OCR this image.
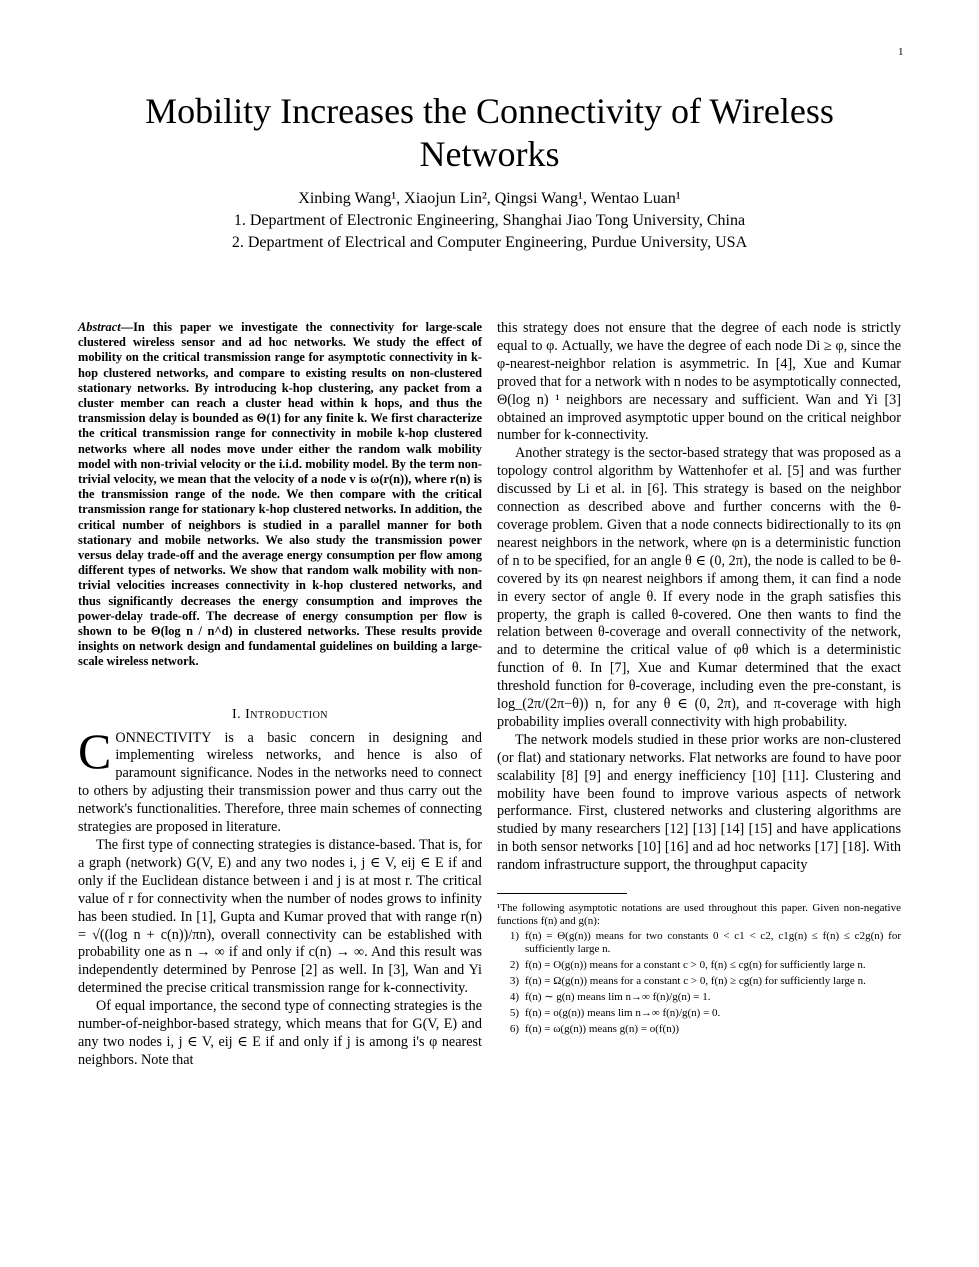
1
Mobility Increases the Connectivity of Wireless Networks
Xinbing Wang¹, Xiaojun Lin², Qingsi Wang¹, Wentao Luan¹
1. Department of Electronic Engineering, Shanghai Jiao Tong University, China
2. Department of Electrical and Computer Engineering, Purdue University, USA

Abstract—In this paper we investigate the connectivity for large-scale clustered wireless sensor and ad hoc networks. We study the effect of mobility on the critical transmission range for asymptotic connectivity in k-hop clustered networks, and compare to existing results on non-clustered stationary networks. By introducing k-hop clustering, any packet from a cluster member can reach a cluster head within k hops, and thus the transmission delay is bounded as Θ(1) for any finite k. We first characterize the critical transmission range for connectivity in mobile k-hop clustered networks where all nodes move under either the random walk mobility model with non-trivial velocity or the i.i.d. mobility model. By the term non-trivial velocity, we mean that the velocity of a node v is ω(r(n)), where r(n) is the transmission range of the node. We then compare with the critical transmission range for stationary k-hop clustered networks. In addition, the critical number of neighbors is studied in a parallel manner for both stationary and mobile networks. We also study the transmission power versus delay trade-off and the average energy consumption per flow among different types of networks. We show that random walk mobility with non-trivial velocities increases connectivity in k-hop clustered networks, and thus significantly decreases the energy consumption and improves the power-delay trade-off. The decrease of energy consumption per flow is shown to be Θ(log n / n^d) in clustered networks. These results provide insights on network design and fundamental guidelines on building a large-scale wireless network.

I. Introduction

CONNECTIVITY is a basic concern in designing and implementing wireless networks, and hence is also of paramount significance. Nodes in the networks need to connect to others by adjusting their transmission power and thus carry out the network's functionalities. Therefore, three main schemes of connecting strategies are proposed in literature.

The first type of connecting strategies is distance-based. That is, for a graph (network) G(V, E) and any two nodes i, j ∈ V, eij ∈ E if and only if the Euclidean distance between i and j is at most r. The critical value of r for connectivity when the number of nodes grows to infinity has been studied. In [1], Gupta and Kumar proved that with range r(n) = √((log n + c(n))/πn), overall connectivity can be established with probability one as n → ∞ if and only if c(n) → ∞. And this result was independently determined by Penrose [2] as well. In [3], Wan and Yi determined the precise critical transmission range for k-connectivity.

Of equal importance, the second type of connecting strategies is the number-of-neighbor-based strategy, which means that for G(V, E) and any two nodes i, j ∈ V, eij ∈ E if and only if j is among i's φ nearest neighbors. Note that

this strategy does not ensure that the degree of each node is strictly equal to φ. Actually, we have the degree of each node Di ≥ φ, since the φ-nearest-neighbor relation is asymmetric. In [4], Xue and Kumar proved that for a network with n nodes to be asymptotically connected, Θ(log n) ¹ neighbors are necessary and sufficient. Wan and Yi [3] obtained an improved asymptotic upper bound on the critical neighbor number for k-connectivity.

Another strategy is the sector-based strategy that was proposed as a topology control algorithm by Wattenhofer et al. [5] and was further discussed by Li et al. in [6]. This strategy is based on the neighbor connection as described above and further concerns with the θ-coverage problem. Given that a node connects bidirectionally to its φn nearest neighbors in the network, where φn is a deterministic function of n to be specified, for an angle θ ∈ (0, 2π), the node is called to be θ-covered by its φn nearest neighbors if among them, it can find a node in every sector of angle θ. If every node in the graph satisfies this property, the graph is called θ-covered. One then wants to find the relation between θ-coverage and overall connectivity of the network, and to determine the critical value of φθ which is a deterministic function of θ. In [7], Xue and Kumar determined that the exact threshold function for θ-coverage, including even the pre-constant, is log_(2π/(2π−θ)) n, for any θ ∈ (0, 2π), and π-coverage with high probability implies overall connectivity with high probability.

The network models studied in these prior works are non-clustered (or flat) and stationary networks. Flat networks are found to have poor scalability [8] [9] and energy inefficiency [10] [11]. Clustering and mobility have been found to improve various aspects of network performance. First, clustered networks and clustering algorithms are studied by many researchers [12] [13] [14] [15] and have applications in both sensor networks [10] [16] and ad hoc networks [17] [18]. With random infrastructure support, the throughput capacity

¹The following asymptotic notations are used throughout this paper. Given non-negative functions f(n) and g(n):

1) f(n) = Θ(g(n)) means for two constants 0 < c1 < c2, c1g(n) ≤ f(n) ≤ c2g(n) for sufficiently large n.
2) f(n) = O(g(n)) means for a constant c > 0, f(n) ≤ cg(n) for sufficiently large n.
3) f(n) = Ω(g(n)) means for a constant c > 0, f(n) ≥ cg(n) for sufficiently large n.
4) f(n) ∼ g(n) means lim n→∞ f(n)/g(n) = 1.
5) f(n) = o(g(n)) means lim n→∞ f(n)/g(n) = 0.
6) f(n) = ω(g(n)) means g(n) = o(f(n))
